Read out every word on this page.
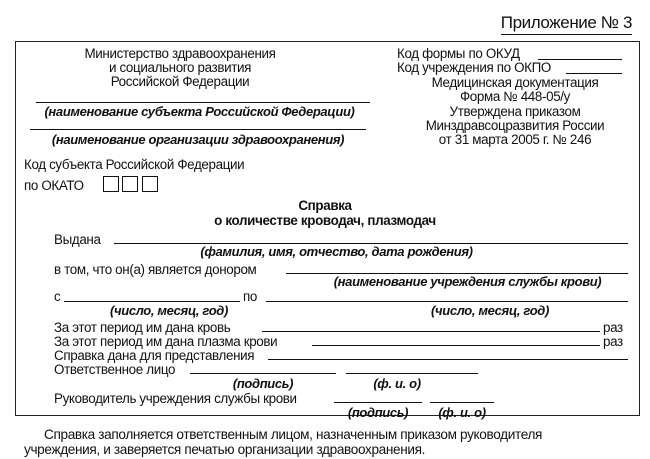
Приложение № 3
Министерство здравоохранения
и социального развития
Российской Федерации
Код формы по ОКУД
Код учреждения по ОКПО
Медицинская документация
Форма № 448-05/у
Утверждена приказом
Минздравсоцразвития России
от 31 марта 2005 г. № 246
(наименование субъекта Российской Федерации)
(наименование организации здравоохранения)
Код субъекта Российской Федерации
по ОКАТО
Справка
о количестве кроводач, плазмодач
Выдана
(фамилия, имя, отчество, дата рождения)
в том, что он(а) является донором
(наименование учреждения службы крови)
с	по
(число, месяц, год)	(число, месяц, год)
За этот период им дана кровь	раз
За этот период им дана плазма крови	раз
Справка дана для представления
Ответственное лицо
(подпись)	(ф. и. о)
Руководитель учреждения службы крови
(подпись)	(ф. и. о)
Справка заполняется ответственным лицом, назначенным приказом руководителя
учреждения, и заверяется печатью организации здравоохранения.
